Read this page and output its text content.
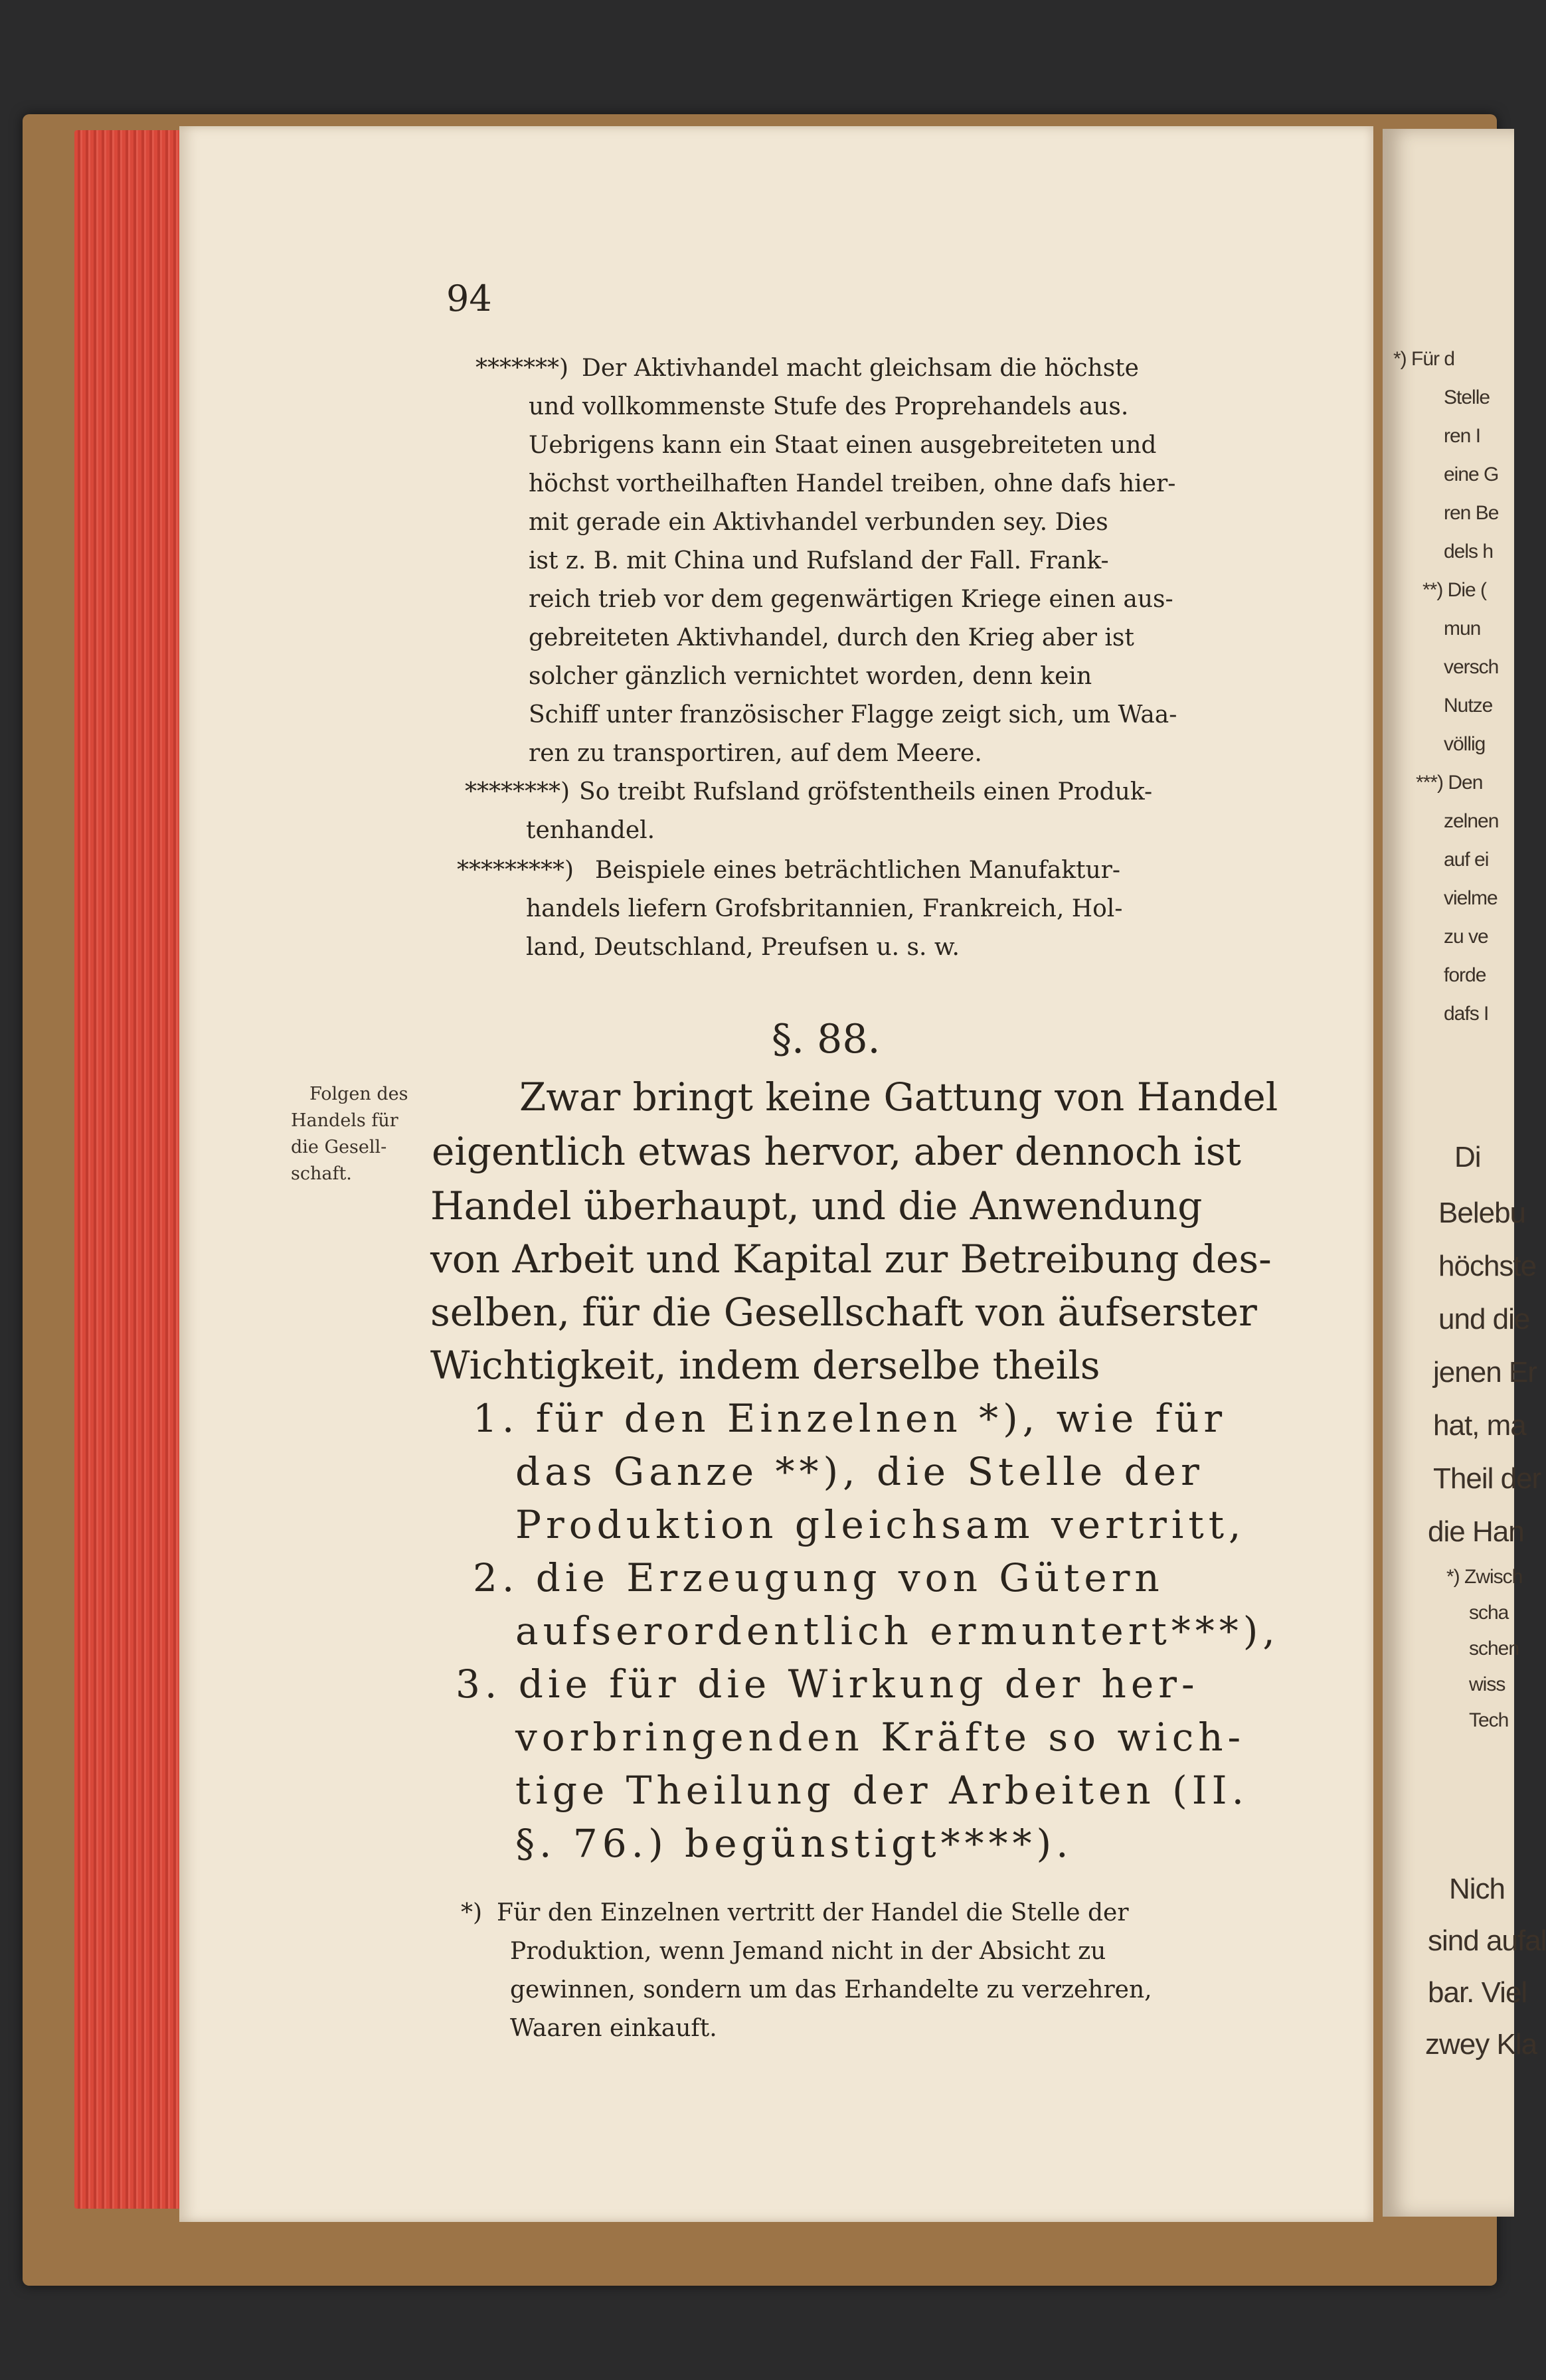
*) Für d
Stelle
ren I
eine G
ren Be
dels h
**) Die (
mun
versch
Nutze
völlig
***) Den
zelnen
auf ei
vielme
zu ve
forde
dafs I
Di
Belebu
höchste
und die
jenen Er
hat, ma
Theil der
die Han
*) Zwisch
scha
schen
wiss
Tech
Nich
sind aufal
bar. Viel
zwey Kla
94
*******) Der Aktivhandel macht gleichsam die höchste
und vollkommenste Stufe des Proprehandels aus.
Uebrigens kann ein Staat einen ausgebreiteten und
höchst vortheilhaften Handel treiben, ohne dafs hier-
mit gerade ein Aktivhandel verbunden sey. Dies
ist z. B. mit China und Rufsland der Fall. Frank-
reich trieb vor dem gegenwärtigen Kriege einen aus-
gebreiteten Aktivhandel, durch den Krieg aber ist
solcher gänzlich vernichtet worden, denn kein
Schiff unter französischer Flagge zeigt sich, um Waa-
ren zu transportiren, auf dem Meere.
********) So treibt Rufsland gröfstentheils einen Produk-
tenhandel.
*********) Beispiele eines beträchtlichen Manufaktur-
handels liefern Grofsbritannien, Frankreich, Hol-
land, Deutschland, Preufsen u. s. w.
§. 88.
Folgen des
Handels für
die Gesell-
schaft.
Zwar bringt keine Gattung von Handel
eigentlich etwas hervor, aber dennoch ist
Handel überhaupt, und die Anwendung
von Arbeit und Kapital zur Betreibung des-
selben, für die Gesellschaft von äufserster
Wichtigkeit, indem derselbe theils
1. für den Einzelnen *), wie für
das Ganze **), die Stelle der
Produktion gleichsam vertritt,
2. die Erzeugung von Gütern
aufserordentlich ermuntert***),
3. die für die Wirkung der her-
vorbringenden Kräfte so wich-
tige Theilung der Arbeiten (II.
§. 76.) begünstigt****).
*) Für den Einzelnen vertritt der Handel die Stelle der
Produktion, wenn Jemand nicht in der Absicht zu
gewinnen, sondern um das Erhandelte zu verzehren,
Waaren einkauft.
